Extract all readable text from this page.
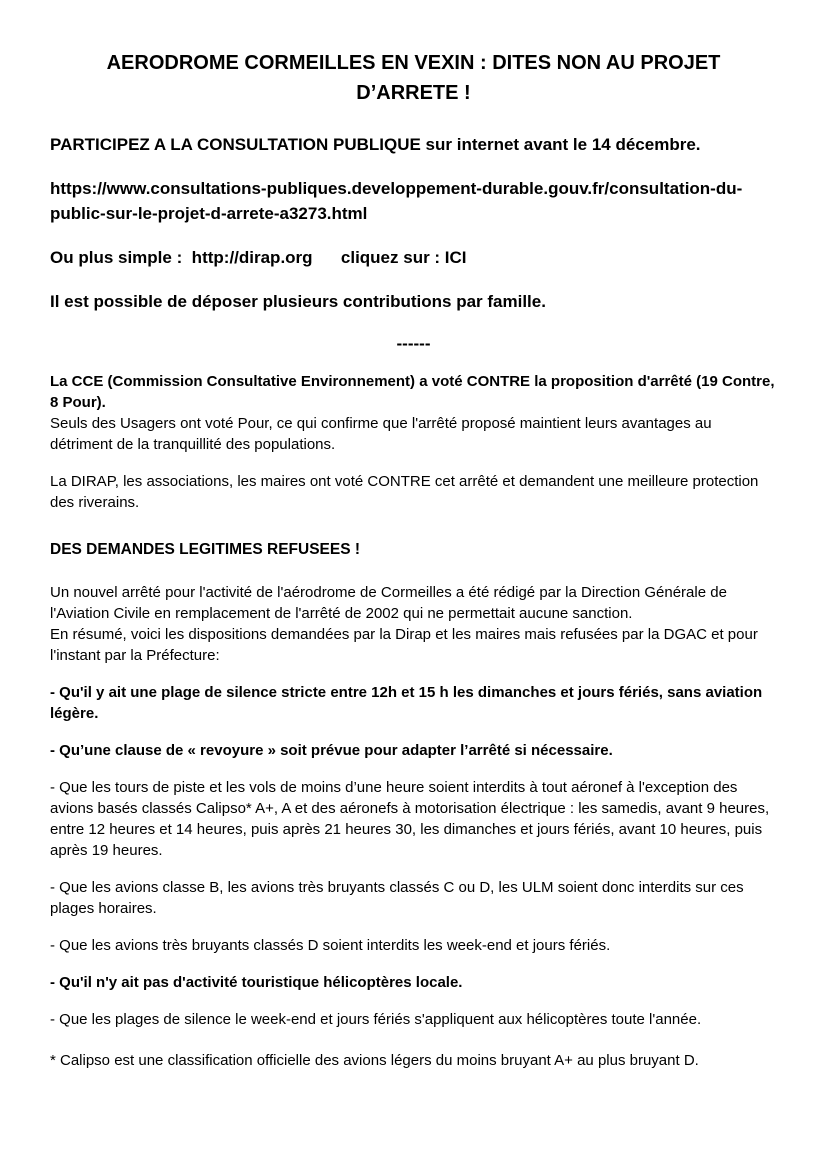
AERODROME CORMEILLES EN VEXIN : DITES NON AU PROJET D’ARRETE !
PARTICIPEZ A LA CONSULTATION PUBLIQUE sur internet avant le 14 décembre.
https://www.consultations-publiques.developpement-durable.gouv.fr/consultation-du-public-sur-le-projet-d-arrete-a3273.html
Ou plus simple :  http://dirap.org      cliquez sur : ICI
Il est possible de déposer plusieurs contributions par famille.
------
La CCE (Commission Consultative Environnement) a voté CONTRE la proposition d'arrêté (19 Contre, 8 Pour).
Seuls des Usagers ont voté Pour, ce qui confirme que l'arrêté proposé maintient leurs avantages au détriment de la tranquillité des populations.
La DIRAP, les associations, les maires ont voté CONTRE cet arrêté et demandent une meilleure protection des riverains.
DES DEMANDES LEGITIMES REFUSEES !
Un nouvel arrêté pour l'activité de l'aérodrome de Cormeilles a été rédigé par la Direction Générale de l'Aviation Civile en remplacement de l'arrêté de 2002 qui ne permettait aucune sanction.
En résumé, voici les dispositions demandées par la Dirap et les maires mais refusées par la DGAC et pour l'instant par la Préfecture:
- Qu'il y ait une plage de silence stricte entre 12h et 15 h les dimanches et jours fériés, sans aviation légère.
- Qu’une clause de « revoyure » soit prévue pour adapter l’arrêté si nécessaire.
- Que les tours de piste et les vols de moins d’une heure soient interdits à tout aéronef à l'exception des avions basés classés Calipso* A+, A et des aéronefs à motorisation électrique : les samedis, avant 9 heures, entre 12 heures et 14 heures, puis après 21 heures 30, les dimanches et jours fériés, avant 10 heures, puis après 19 heures.
- Que les avions classe B, les avions très bruyants classés C ou D, les ULM soient donc interdits sur ces plages horaires.
- Que les avions très bruyants classés D soient interdits les week-end et jours fériés.
- Qu'il n'y ait pas d'activité touristique hélicoptères locale.
- Que les plages de silence le week-end et jours fériés s'appliquent aux hélicoptères toute l'année.
* Calipso est une classification officielle des avions légers du moins bruyant A+ au plus bruyant D.
